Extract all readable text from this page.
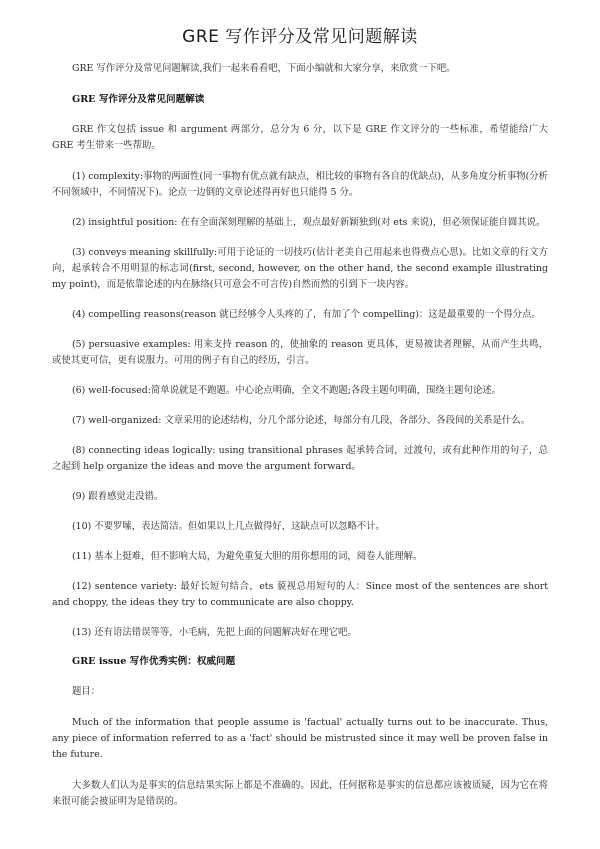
GRE 写作评分及常见问题解读

GRE 写作评分及常见问题解读,我们一起来看看吧，下面小编就和大家分享，来欣赏一下吧。

GRE 写作评分及常见问题解读

GRE 作文包括 issue 和 argument 两部分，总分为 6 分，以下是 GRE 作文评分的一些标准，希望能给广大 GRE 考生带来一些帮助。

(1) complexity:事物的两面性(同一事物有优点就有缺点，相比较的事物有各自的优缺点)，从多角度分析事物(分析不同领域中，不同情况下)。论点一边倒的文章论述得再好也只能得 5 分。

(2) insightful position: 在有全面深刻理解的基础上，观点最好新颖独到(对 ets 来说)，但必须保证能自圆其说。

(3) conveys meaning skillfully:可用于论证的一切技巧(估计老美自己用起来也得费点心思)。比如文章的行文方向，起承转合不用明显的标志词(first, second, however, on the other hand, the second example illustrating my point)，而是依靠论述的内在脉络(只可意会不可言传)自然而然的引到下一块内容。

(4) compelling reasons(reason 就已经够令人头疼的了，有加了个 compelling)：这是最重要的一个得分点。

(5) persuasive examples: 用来支持 reason 的，使抽象的 reason 更具体，更易被读者理解，从而产生共鸣，或使其更可信，更有说服力。可用的例子有自己的经历，引言。

(6) well-focused:简单说就是不跑题。中心论点明确，全文不跑题;各段主题句明确，围绕主题句论述。

(7) well-organized: 文章采用的论述结构，分几个部分论述，每部分有几段，各部分、各段间的关系是什么。

(8) connecting ideas logically: using transitional phrases 起承转合词，过渡句，或有此种作用的句子，总之起到 help organize the ideas and move the argument forward。

(9) 跟着感觉走没错。

(10) 不要罗嗦，表达简洁。但如果以上几点做得好，这缺点可以忽略不计。

(11) 基本上挺难，但不影响大局，为避免重复大胆的用你想用的词，阅卷人能理解。

(12) sentence variety: 最好长短句结合，ets 藐视总用短句的人：Since most of the sentences are short and choppy, the ideas they try to communicate are also choppy.

(13) 还有语法错误等等，小毛病，先把上面的问题解决好在理它吧。

GRE issue 写作优秀实例：权威问题

题目：

Much of the information that people assume is 'factual' actually turns out to be inaccurate. Thus, any piece of information referred to as a 'fact' should be mistrusted since it may well be proven false in the future.

大多数人们认为是事实的信息结果实际上都是不准确的。因此，任何据称是事实的信息都应该被质疑，因为它在将来很可能会被证明为是错误的。
